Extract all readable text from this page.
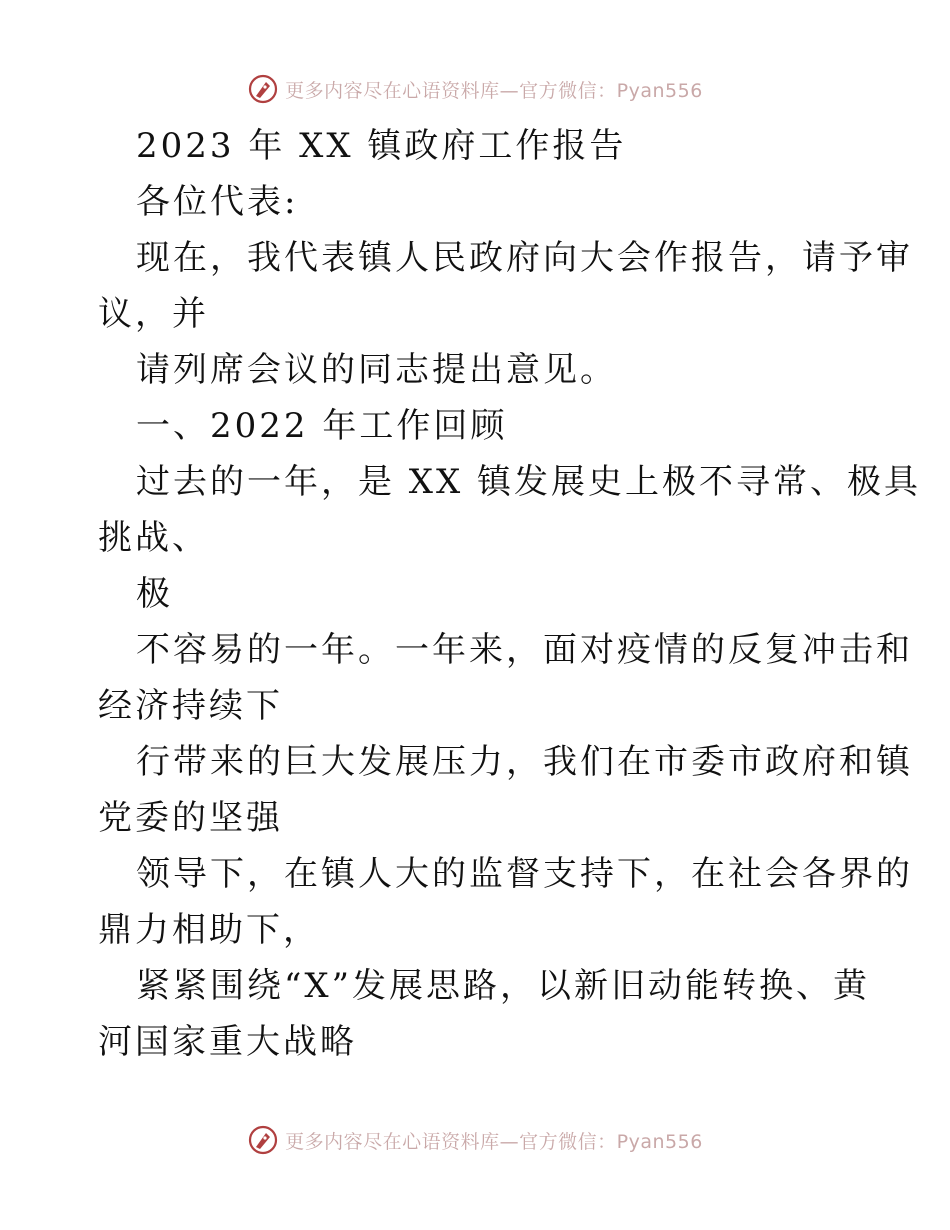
更多内容尽在心语资料库—官方微信：Pyan556
更多内容尽在心语资料库—官方微信：Pyan556
2023 年 XX 镇政府工作报告
各位代表:
现在，我代表镇人民政府向大会作报告，请予审
议，并
请列席会议的同志提出意见。
一、2022 年工作回顾
过去的一年，是 XX 镇发展史上极不寻常、极具
挑战、
极
不容易的一年。一年来，面对疫情的反复冲击和
经济持续下
行带来的巨大发展压力，我们在市委市政府和镇
党委的坚强
领导下，在镇人大的监督支持下，在社会各界的
鼎力相助下，
紧紧围绕“X”发展思路，以新旧动能转换、黄
河国家重大战略
